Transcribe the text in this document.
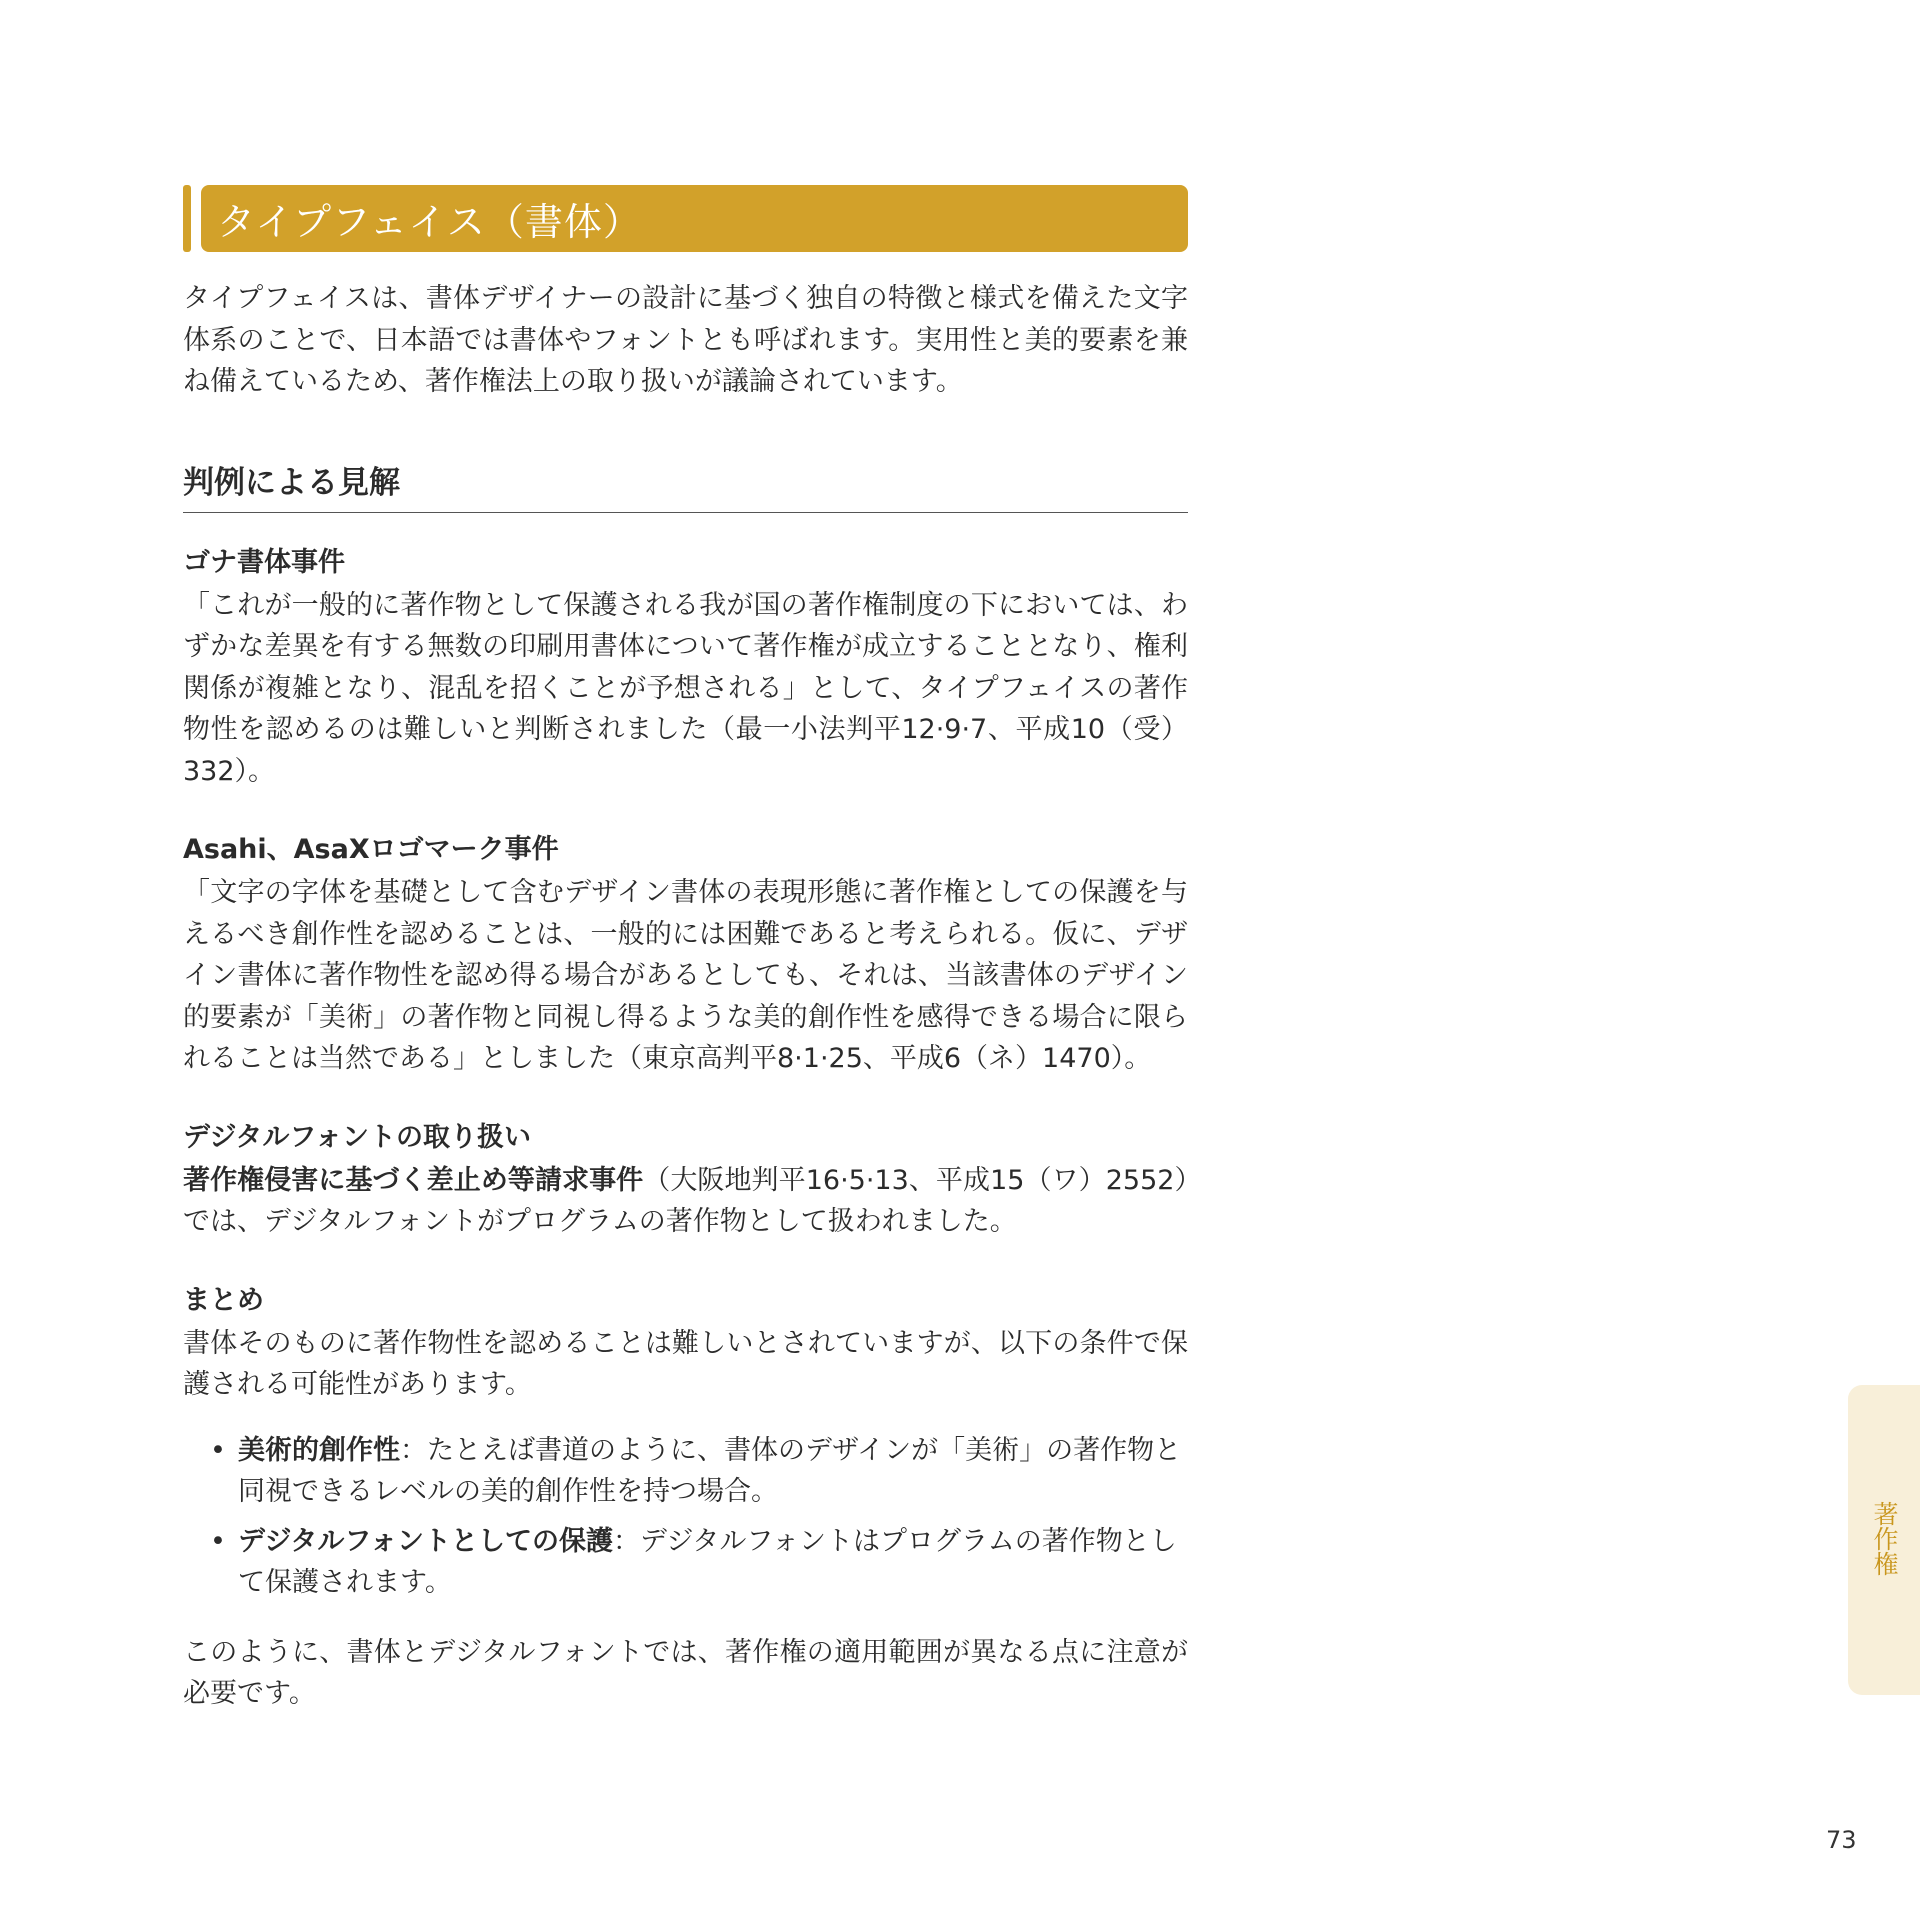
タイプフェイス（書体）

タイプフェイスは、書体デザイナーの設計に基づく独自の特徴と様式を備えた文字体系のことで、日本語では書体やフォントとも呼ばれます。実用性と美的要素を兼ね備えているため、著作権法上の取り扱いが議論されています。

判例による見解
ゴナ書体事件

「これが一般的に著作物として保護される我が国の著作権制度の下においては、わずかな差異を有する無数の印刷用書体について著作権が成立することとなり、権利関係が複雑となり、混乱を招くことが予想される」として、タイプフェイスの著作物性を認めるのは難しいと判断されました（最一小法判平12·9·7、平成10（受）332）。

Asahi、AsaXロゴマーク事件

「文字の字体を基礎として含むデザイン書体の表現形態に著作権としての保護を与えるべき創作性を認めることは、一般的には困難であると考えられる。仮に、デザイン書体に著作物性を認め得る場合があるとしても、それは、当該書体のデザイン的要素が「美術」の著作物と同視し得るような美的創作性を感得できる場合に限られることは当然である」としました（東京高判平8·1·25、平成6（ネ）1470）。

デジタルフォントの取り扱い

著作権侵害に基づく差止め等請求事件（大阪地判平16·5·13、平成15（ワ）2552）では、デジタルフォントがプログラムの著作物として扱われました。

まとめ

書体そのものに著作物性を認めることは難しいとされていますが、以下の条件で保護される可能性があります。

• 美術的創作性：たとえば書道のように、書体のデザインが「美術」の著作物と同視できるレベルの美的創作性を持つ場合。
• デジタルフォントとしての保護：デジタルフォントはプログラムの著作物として保護されます。

このように、書体とデジタルフォントでは、著作権の適用範囲が異なる点に注意が必要です。

著作権
73
